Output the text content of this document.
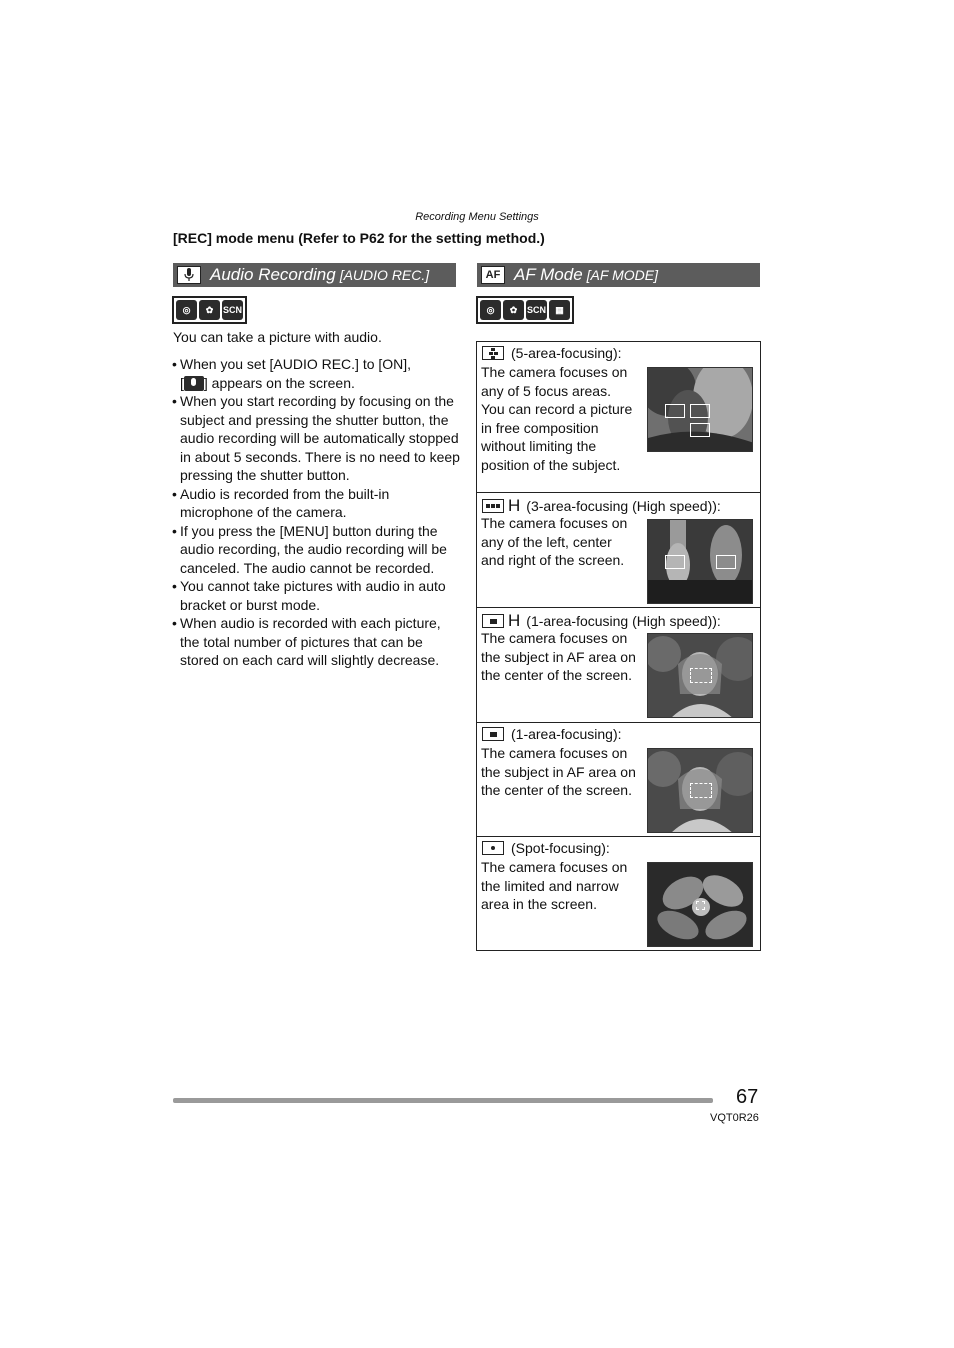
Recording Menu Settings
[REC] mode menu (Refer to P62 for the setting method.)
Audio Recording [AUDIO REC.]
◎	✿	SCN
You can take a picture with audio.
• When you set [AUDIO REC.] to [ON],
[ ] appears on the screen.
• When you start recording by focusing on the subject and pressing the shutter button, the audio recording will be automatically stopped in about 5 seconds. There is no need to keep pressing the shutter button.
• Audio is recorded from the built-in microphone of the camera.
• If you press the [MENU] button during the audio recording, the audio recording will be canceled. The audio cannot be recorded.
• You cannot take pictures with audio in auto bracket or burst mode.
• When audio is recorded with each picture, the total number of pictures that can be stored on each card will slightly decrease.
AF AF Mode [AF MODE]
◎	✿	SCN	▦
(5-area-focusing):
The camera focuses on any of 5 focus areas. You can record a picture in free composition without limiting the position of the subject.
H (3-area-focusing (High speed)):
The camera focuses on any of the left, center and right of the screen.
H (1-area-focusing (High speed)):
The camera focuses on the subject in AF area on the center of the screen.
(1-area-focusing):
The camera focuses on the subject in AF area on the center of the screen.
(Spot-focusing):
The camera focuses on the limited and narrow area in the screen.
67
VQT0R26
